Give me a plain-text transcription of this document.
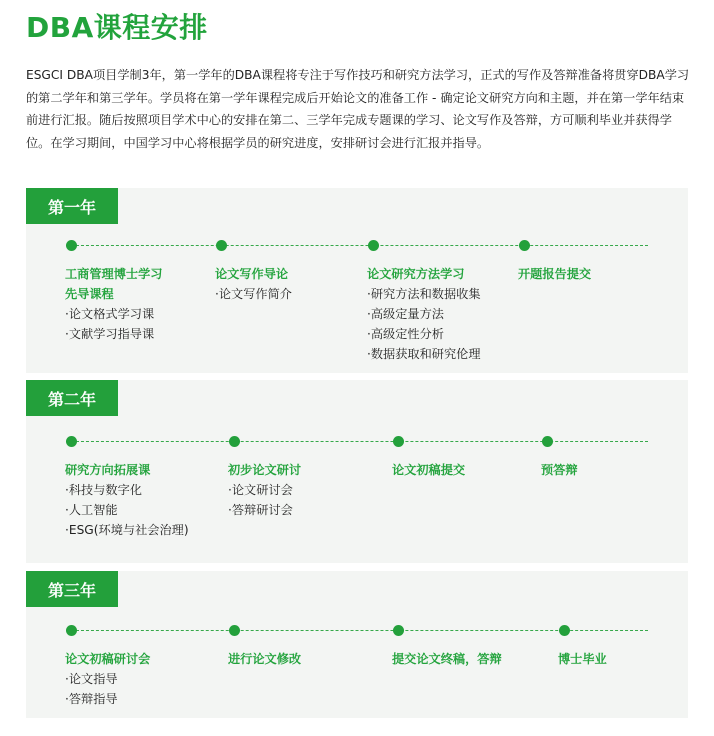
DBA课程安排
ESGCI DBA项目学制3年，第一学年的DBA课程将专注于写作技巧和研究方法学习，正式的写作及答辩准备将贯穿DBA学习的第二学年和第三学年。学员将在第一学年课程完成后开始论文的准备工作 - 确定论文研究方向和主题，并在第一学年结束前进行汇报。随后按照项目学术中心的安排在第二、三学年完成专题课的学习、论文写作及答辩，方可顺利毕业并获得学位。在学习期间，中国学习中心将根据学员的研究进度，安排研讨会进行汇报并指导。
第一年
工商管理博士学习
先导课程
·论文格式学习课
·文献学习指导课
论文写作导论
·论文写作简介
论文研究方法学习
·研究方法和数据收集
·高级定量方法
·高级定性分析
·数据获取和研究伦理
开题报告提交
第二年
研究方向拓展课
·科技与数字化
·人工智能
·ESG(环境与社会治理)
初步论文研讨
·论文研讨会
·答辩研讨会
论文初稿提交	预答辩
第三年
论文初稿研讨会
·论文指导
·答辩指导
进行论文修改	提交论文终稿，答辩	博士毕业
